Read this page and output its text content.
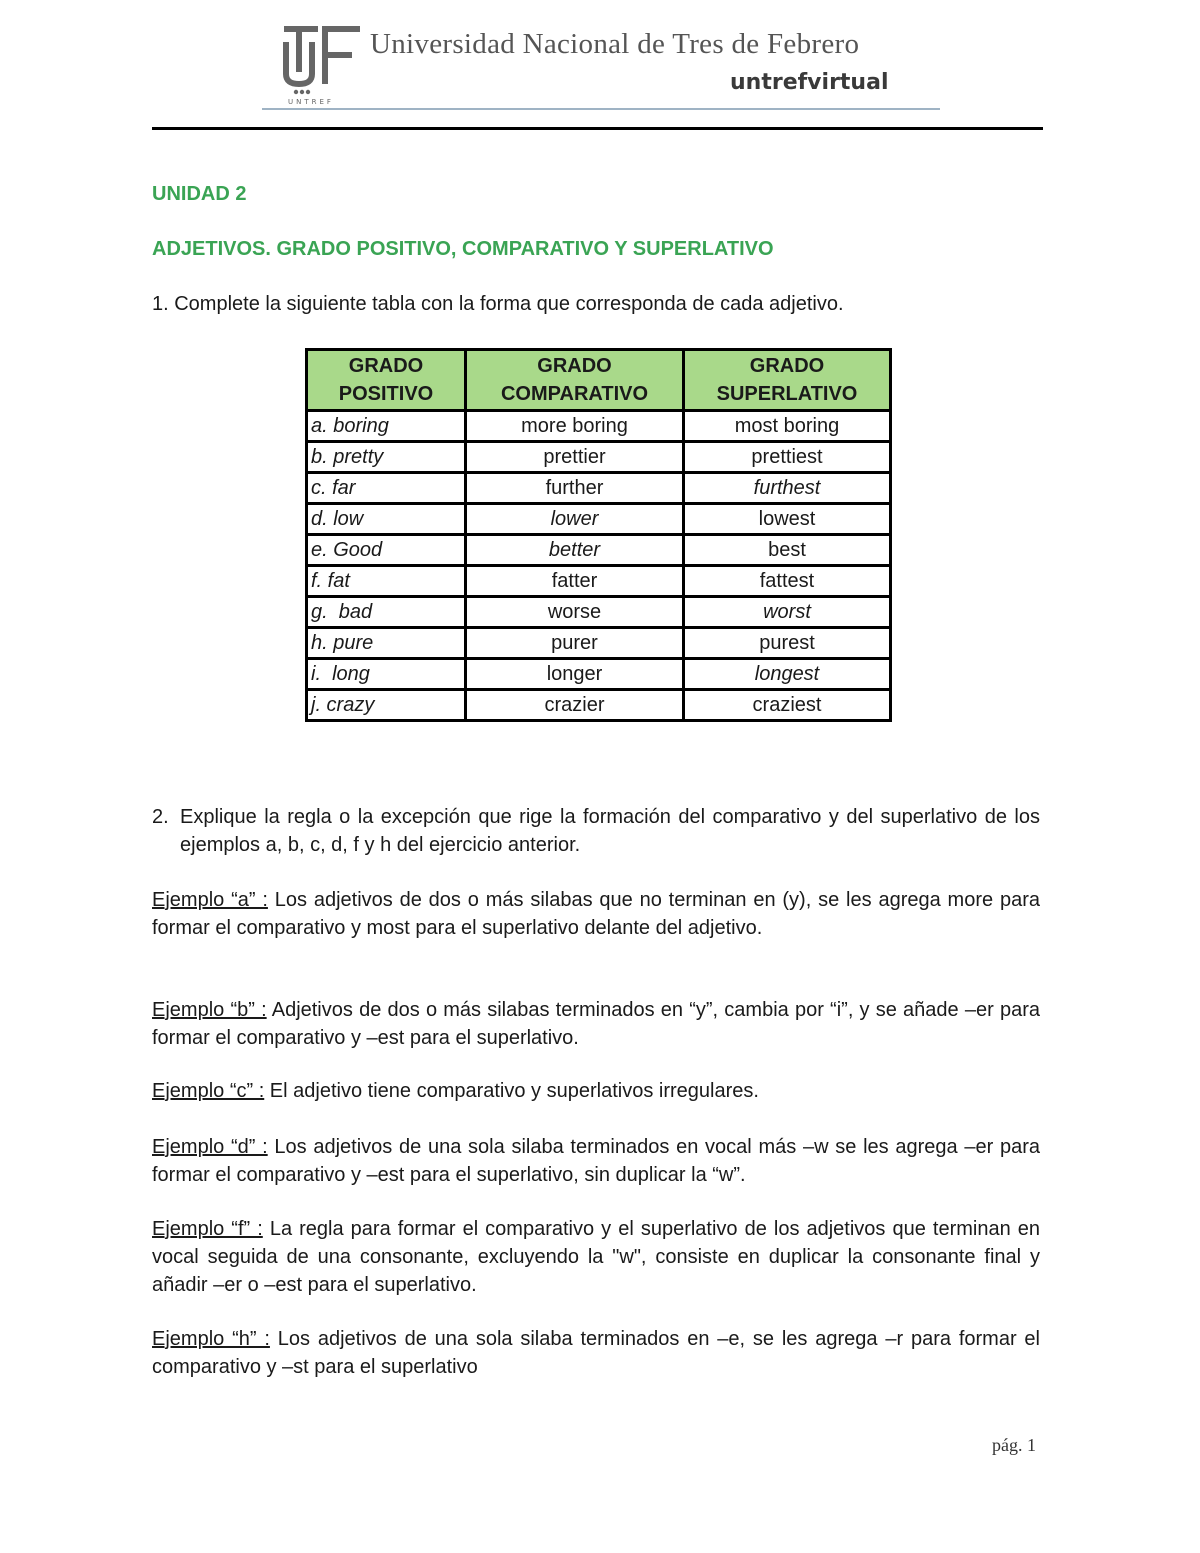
UNTREF
Universidad Nacional de Tres de Febrero
untrefvirtual
UNIDAD 2
ADJETIVOS. GRADO POSITIVO, COMPARATIVO Y SUPERLATIVO
1. Complete la siguiente tabla con la forma que corresponda de cada adjetivo.
GRADO POSITIVO	GRADO COMPARATIVO	GRADO SUPERLATIVO
a. boring	more boring	most boring
b. pretty	prettier	prettiest
c. far	further	furthest
d. low	lower	lowest
e. Good	better	best
f. fat	fatter	fattest
g.  bad	worse	worst
h. pure	purer	purest
i.  long	longer	longest
j. crazy	crazier	craziest
2. Explique la regla o la excepción que rige la formación del comparativo y del superlativo de los ejemplos a, b, c, d, f y h del ejercicio anterior.
Ejemplo “a” : Los adjetivos de dos o más silabas que no terminan en (y), se les agrega more para formar el comparativo y most para el superlativo delante del adjetivo.
Ejemplo “b” : Adjetivos de dos o más silabas terminados en “y”, cambia por “i”, y se añade –er para formar el comparativo y –est para el superlativo.
Ejemplo “c” : El adjetivo tiene comparativo y superlativos irregulares.
Ejemplo “d” : Los adjetivos de una sola silaba terminados en vocal más –w se les agrega –er para formar el comparativo y –est para el superlativo, sin duplicar la “w”.
Ejemplo “f” : La regla para formar el comparativo y el superlativo de los adjetivos que terminan en vocal seguida de una consonante, excluyendo la "w", consiste en duplicar la consonante final y añadir –er o –est para el superlativo.
Ejemplo “h” : Los adjetivos de una sola silaba terminados en –e, se les agrega –r para formar el comparativo y –st para el superlativo
pág. 1
